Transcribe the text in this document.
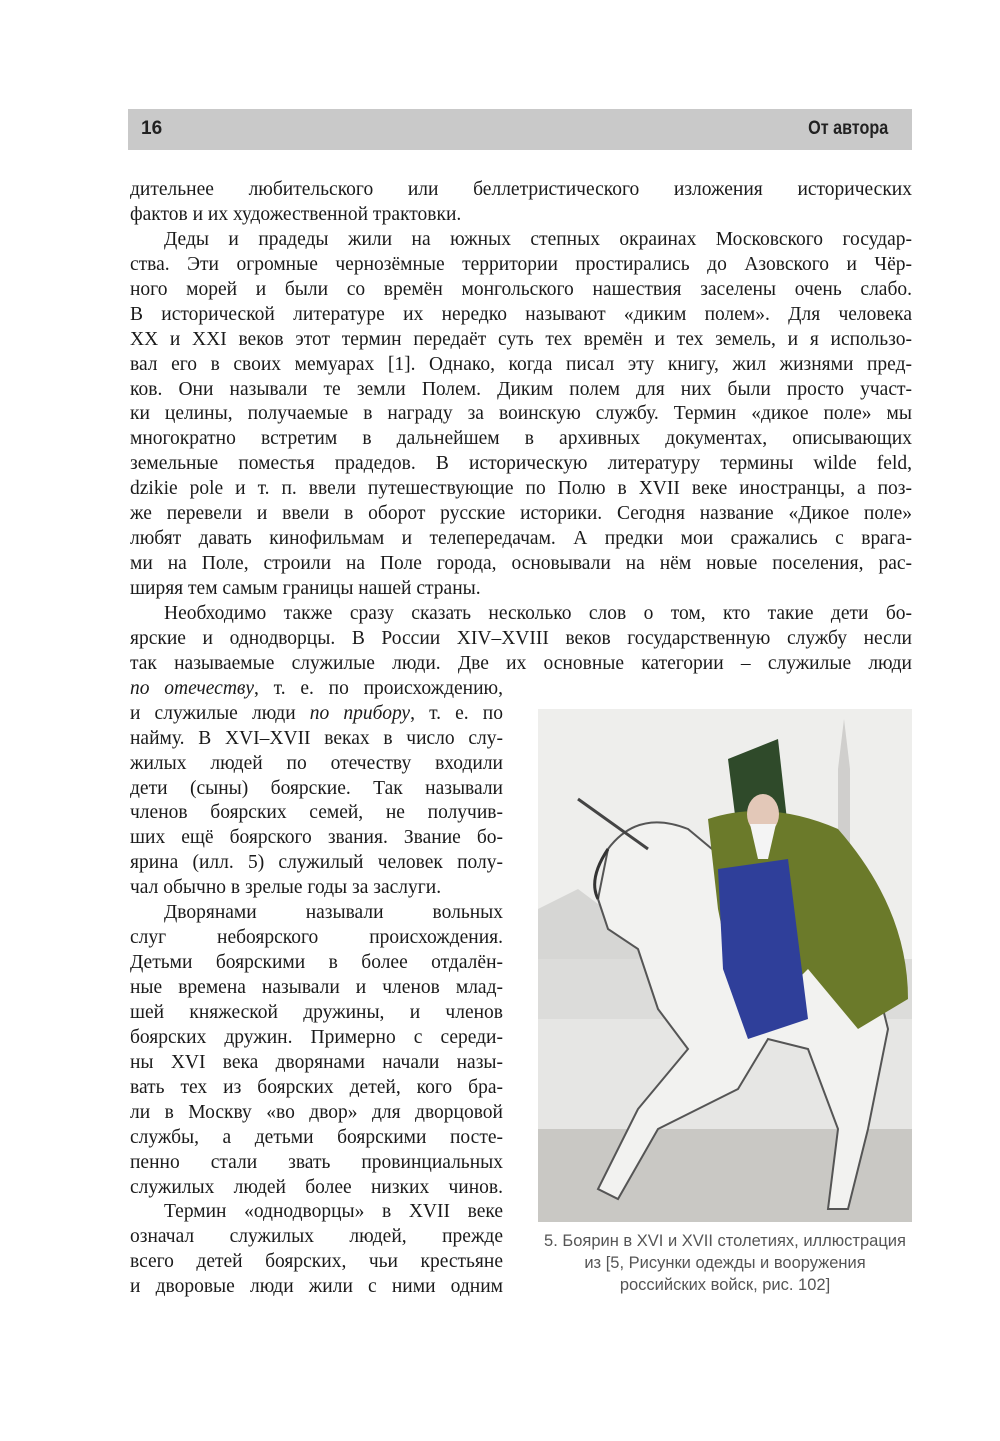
16	От автора
дительнее любительского или беллетристического изложения исторических
фактов и их художественной трактовки.
Деды и прадеды жили на южных степных окраинах Московского государ-
ства. Эти огромные чернозёмные территории простирались до Азовского и Чёр-
ного морей и были со времён монгольского нашествия заселены очень слабо.
В исторической литературе их нередко называют «диким полем». Для человека
XX и XXI веков этот термин передаёт суть тех времён и тех земель, и я использо-
вал его в своих мемуарах [1]. Однако, когда писал эту книгу, жил жизнями пред-
ков. Они называли те земли Полем. Диким полем для них были просто участ-
ки целины, получаемые в награду за воинскую службу. Термин «дикое поле» мы
многократно встретим в дальнейшем в архивных документах, описывающих
земельные поместья прадедов. В историческую литературу термины wilde feld,
dzikie pole и т. п. ввели путешествующие по Полю в XVII веке иностранцы, а поз-
же перевели и ввели в оборот русские историки. Сегодня название «Дикое поле»
любят давать кинофильмам и телепередачам. А предки мои сражались с врага-
ми на Поле, строили на Поле города, основывали на нём новые поселения, рас-
ширяя тем самым границы нашей страны.
Необходимо также сразу сказать несколько слов о том, кто такие дети бо-
ярские и однодворцы. В России XIV–XVIII веков государственную службу несли
так называемые служилые люди. Две их основные категории – служилые люди
по отечеству, т. е. по происхождению,
и служилые люди по прибору, т. е. по
найму. В XVI–XVII веках в число слу-
жилых людей по отечеству входили
дети (сыны) боярские. Так называли
членов боярских семей, не получив-
ших ещё боярского звания. Звание бо-
ярина (илл. 5) служилый человек полу-
чал обычно в зрелые годы за заслуги.
Дворянами называли вольных
слуг небоярского происхождения.
Детьми боярскими в более отдалён-
ные времена называли и членов млад-
шей княжеской дружины, и членов
боярских дружин. Примерно с середи-
ны XVI века дворянами начали назы-
вать тех из боярских детей, кого бра-
ли в Москву «во двор» для дворцовой
службы, а детьми боярскими посте-
пенно стали звать провинциальных
служилых людей более низких чинов.
Термин «однодворцы» в XVII веке
означал служилых людей, прежде
всего детей боярских, чьи крестьяне
и дворовые люди жили с ними одним
5. Боярин в XVI и XVII столетиях, иллюстрация
из [5, Рисунки одежды и вооружения
российских войск, рис. 102]
